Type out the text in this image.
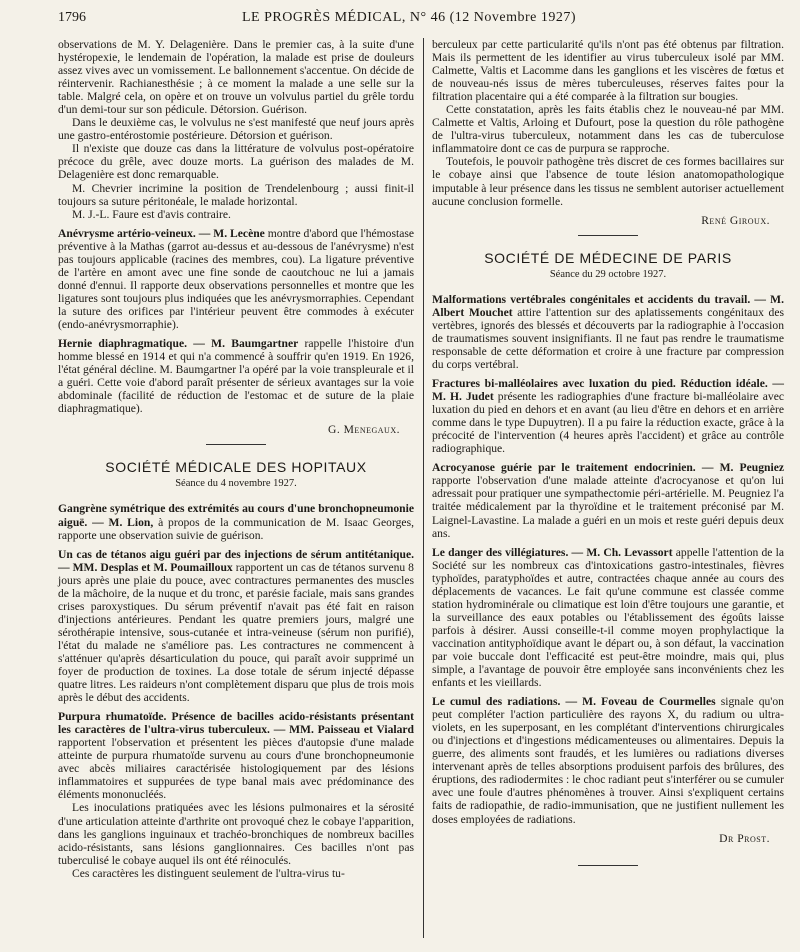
1796	LE PROGRÈS MÉDICAL, N° 46 (12 Novembre 1927)

observations de M. Y. Delagenière. Dans le premier cas, à la suite d'une hystéropexie, le lendemain de l'opération, la malade est prise de douleurs assez vives avec un vomissement. Le ballonnement s'accentue. On décide de réintervenir. Rachianesthésie ; à ce moment la malade a une selle sur la table. Malgré cela, on opère et on trouve un volvulus partiel du grêle tordu d'un demi-tour sur son pédicule. Détorsion. Guérison.

Dans le deuxième cas, le volvulus ne s'est manifesté que neuf jours après une gastro-entérostomie postérieure. Détorsion et guérison.

Il n'existe que douze cas dans la littérature de volvulus post-opératoire précoce du grêle, avec douze morts. La guérison des malades de M. Delagenière est donc remarquable.

M. Chevrier incrimine la position de Trendelenbourg ; aussi finit-il toujours sa suture péritonéale, le malade horizontal.

M. J.-L. Faure est d'avis contraire.

Anévrysme artério-veineux. — M. Lecène montre d'abord que l'hémostase préventive à la Mathas (garrot au-dessus et au-dessous de l'anévrysme) n'est pas toujours applicable (racines des membres, cou). La ligature préventive de l'artère en amont avec une fine sonde de caoutchouc ne lui a jamais donné d'ennui. Il rapporte deux observations personnelles et montre que les ligatures sont toujours plus indiquées que les anévrysmorraphies. Cependant la suture des orifices par l'intérieur peuvent être commodes à exécuter (endo-anévrysmorraphie).

Hernie diaphragmatique. — M. Baumgartner rappelle l'histoire d'un homme blessé en 1914 et qui n'a commencé à souffrir qu'en 1919. En 1926, l'état général décline. M. Baumgartner l'a opéré par la voie transpleurale et il a guéri. Cette voie d'abord paraît présenter de sérieux avantages sur la voie abdominale (facilité de réduction de l'estomac et de suture de la plaie diaphragmatique).

G. Menegaux.
SOCIÉTÉ MÉDICALE DES HOPITAUX
Séance du 4 novembre 1927.

Gangrène symétrique des extrémités au cours d'une bronchopneumonie aiguë. — M. Lion, à propos de la communication de M. Isaac Georges, rapporte une observation suivie de guérison.

Un cas de tétanos aigu guéri par des injections de sérum antitétanique. — MM. Desplas et M. Poumailloux rapportent un cas de tétanos survenu 8 jours après une plaie du pouce, avec contractures permanentes des muscles de la mâchoire, de la nuque et du tronc, et parésie faciale, mais sans grandes crises paroxystiques. Du sérum préventif n'avait pas été fait en raison d'injections antérieures. Pendant les quatre premiers jours, malgré une sérothérapie intensive, sous-cutanée et intra-veineuse (sérum non purifié), l'état du malade ne s'améliore pas. Les contractures ne commencent à s'atténuer qu'après désarticulation du pouce, qui paraît avoir supprimé un foyer de production de toxines. La dose totale de sérum injecté dépasse quatre litres. Les raideurs n'ont complètement disparu que plus de trois mois après le début des accidents.

Purpura rhumatoïde. Présence de bacilles acido-résistants présentant les caractères de l'ultra-virus tuberculeux. — MM. Paisseau et Vialard rapportent l'observation et présentent les pièces d'autopsie d'une malade atteinte de purpura rhumatoïde survenu au cours d'une bronchopneumonie avec abcès miliaires caractérisée histologiquement par des lésions inflammatoires et suppurées de type banal mais avec prédominance des éléments mononucléés.

Les inoculations pratiquées avec les lésions pulmonaires et la sérosité d'une articulation atteinte d'arthrite ont provoqué chez le cobaye l'apparition, dans les ganglions inguinaux et trachéo-bronchiques de nombreux bacilles acido-résistants, sans lésions ganglionnaires. Ces bacilles n'ont pas tuberculisé le cobaye auquel ils ont été réinoculés.

Ces caractères les distinguent seulement de l'ultra-virus tu-

berculeux par cette particularité qu'ils n'ont pas été obtenus par filtration. Mais ils permettent de les identifier au virus tuberculeux isolé par MM. Calmette, Valtis et Lacomme dans les ganglions et les viscères de fœtus et de nouveau-nés issus de mères tuberculeuses, réserves faites pour la filtration placentaire qui a été comparée à la filtration sur bougies.

Cette constatation, après les faits établis chez le nouveau-né par MM. Calmette et Valtis, Arloing et Dufourt, pose la question du rôle pathogène de l'ultra-virus tuberculeux, notamment dans les cas de tuberculose inflammatoire dont ce cas de purpura se rapproche.

Toutefois, le pouvoir pathogène très discret de ces formes bacillaires sur le cobaye ainsi que l'absence de toute lésion anatomopathologique imputable à leur présence dans les tissus ne semblent autoriser actuellement aucune conclusion formelle.

René Giroux.
SOCIÉTÉ DE MÉDECINE DE PARIS
Séance du 29 octobre 1927.

Malformations vertébrales congénitales et accidents du travail. — M. Albert Mouchet attire l'attention sur des aplatissements congénitaux des vertèbres, ignorés des blessés et découverts par la radiographie à l'occasion de traumatismes souvent insignifiants. Il ne faut pas rendre le traumatisme responsable de cette déformation et croire à une fracture par compression du corps vertébral.

Fractures bi-malléolaires avec luxation du pied. Réduction idéale. — M. H. Judet présente les radiographies d'une fracture bi-malléolaire avec luxation du pied en dehors et en avant (au lieu d'être en dehors et en arrière comme dans le type Dupuytren). Il a pu faire la réduction exacte, grâce à la précocité de l'intervention (4 heures après l'accident) et grâce au contrôle radiographique.

Acrocyanose guérie par le traitement endocrinien. — M. Peugniez rapporte l'observation d'une malade atteinte d'acrocyanose et qu'on lui adressait pour pratiquer une sympathectomie péri-artérielle. M. Peugniez l'a traitée médicalement par la thyroïdine et le traitement préconisé par M. Laignel-Lavastine. La malade a guéri en un mois et reste guéri depuis deux ans.

Le danger des villégiatures. — M. Ch. Levassort appelle l'attention de la Société sur les nombreux cas d'intoxications gastro-intestinales, fièvres typhoïdes, paratyphoïdes et autre, contractées chaque année au cours des déplacements de vacances. Le fait qu'une commune est classée comme station hydrominérale ou climatique est loin d'être toujours une garantie, et la surveillance des eaux potables ou l'établissement des égoûts laisse parfois à désirer. Aussi conseille-t-il comme moyen prophylactique la vaccination antityphoïdique avant le départ ou, à son défaut, la vaccination par voie buccale dont l'efficacité est peut-être moindre, mais qui, plus simple, a l'avantage de pouvoir être employée sans inconvénients chez les enfants et les vieillards.

Le cumul des radiations. — M. Foveau de Courmelles signale qu'on peut compléter l'action particulière des rayons X, du radium ou ultra-violets, en les superposant, en les complétant d'interventions chirurgicales ou d'injections et d'ingestions médicamenteuses ou alimentaires. Depuis la guerre, des aliments sont fraudés, et les lumières ou radiations diverses intervenant après de telles absorptions produisent parfois des brûlures, des éruptions, des radiodermites : le choc radiant peut s'interférer ou se cumuler avec une foule d'autres phénomènes à trouver. Ainsi s'expliquent certains faits de radiopathie, de radio-immunisation, que ne justifient nullement les doses employées de radiations.

Dr Prost.
